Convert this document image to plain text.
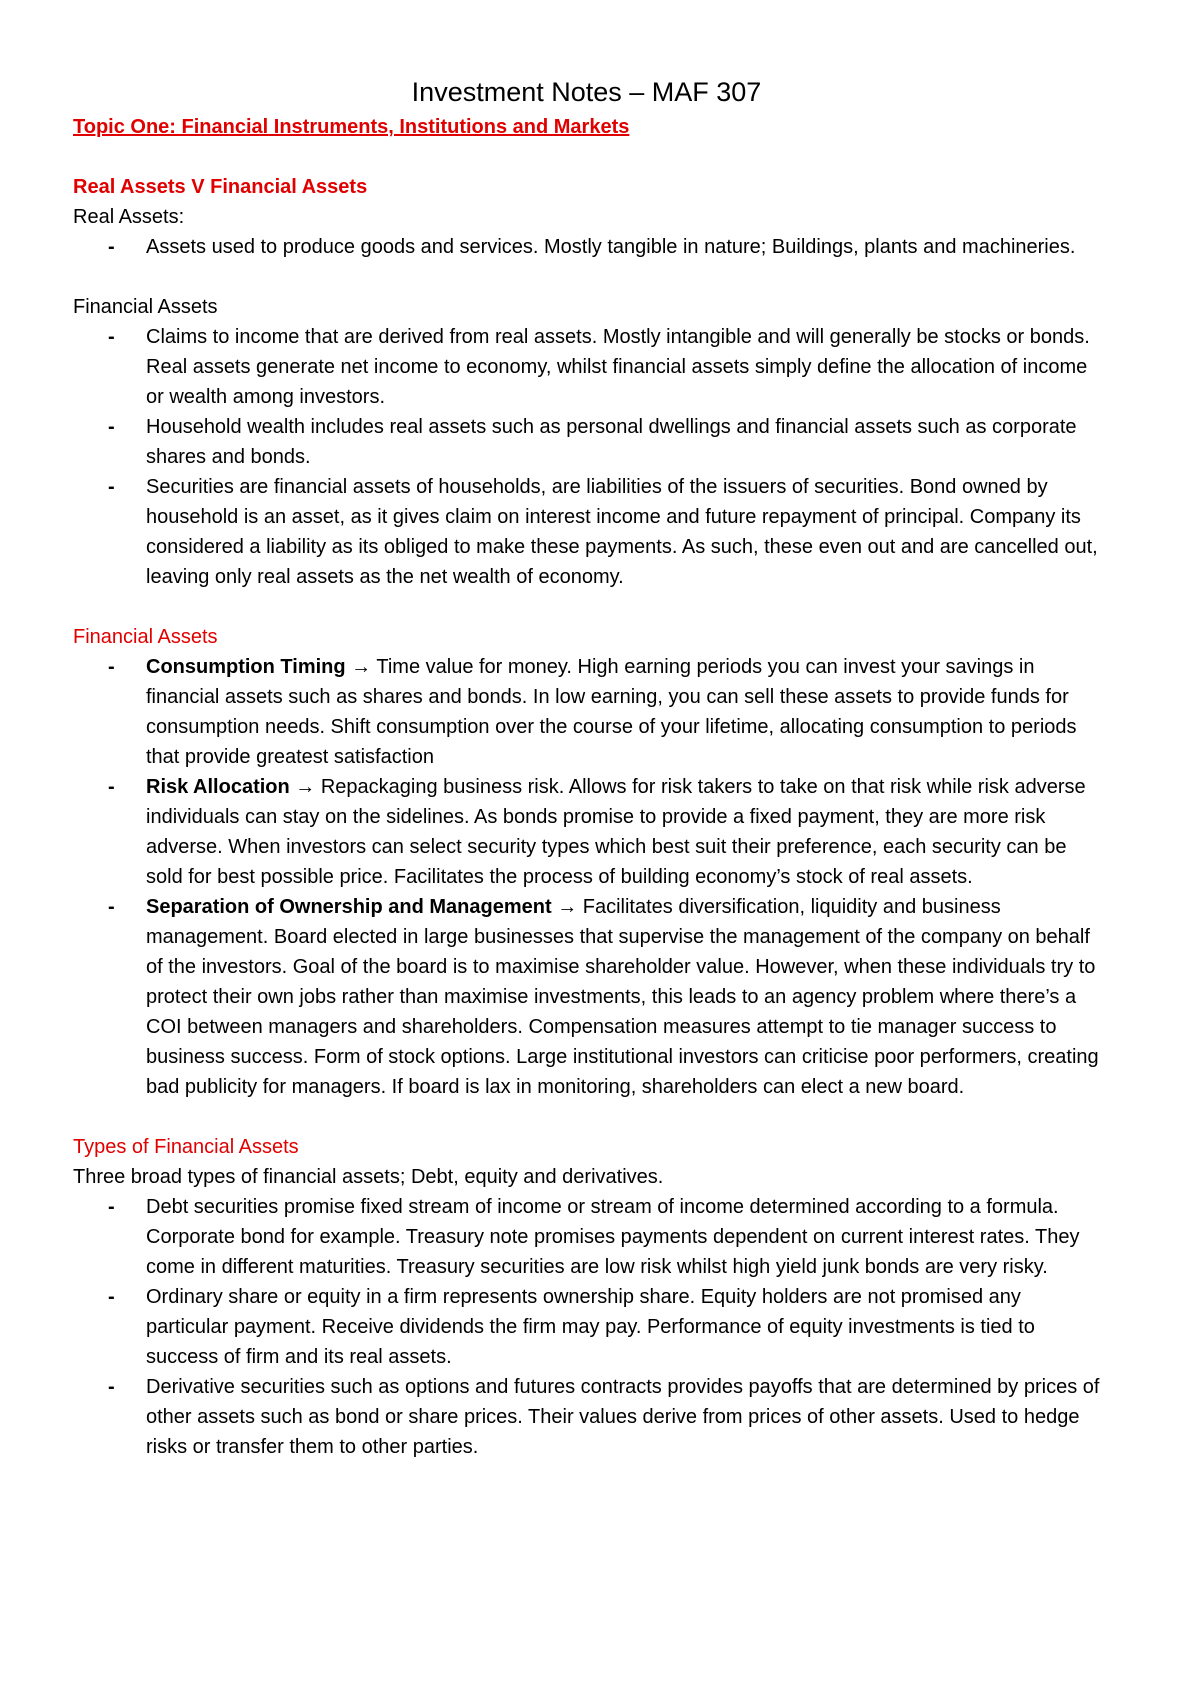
Investment Notes – MAF 307

Topic One: Financial Instruments, Institutions and Markets

Real Assets V Financial Assets

Real Assets:

- Assets used to produce goods and services. Mostly tangible in nature; Buildings, plants and machineries.

Financial Assets

- Claims to income that are derived from real assets. Mostly intangible and will generally be stocks or bonds. Real assets generate net income to economy, whilst financial assets simply define the allocation of income or wealth among investors.
- Household wealth includes real assets such as personal dwellings and financial assets such as corporate shares and bonds.
- Securities are financial assets of households, are liabilities of the issuers of securities. Bond owned by household is an asset, as it gives claim on interest income and future repayment of principal. Company its considered a liability as its obliged to make these payments. As such, these even out and are cancelled out, leaving only real assets as the net wealth of economy.

Financial Assets

- Consumption Timing → Time value for money. High earning periods you can invest your savings in financial assets such as shares and bonds. In low earning, you can sell these assets to provide funds for consumption needs. Shift consumption over the course of your lifetime, allocating consumption to periods that provide greatest satisfaction
- Risk Allocation → Repackaging business risk. Allows for risk takers to take on that risk while risk adverse individuals can stay on the sidelines. As bonds promise to provide a fixed payment, they are more risk adverse. When investors can select security types which best suit their preference, each security can be sold for best possible price. Facilitates the process of building economy’s stock of real assets.
- Separation of Ownership and Management → Facilitates diversification, liquidity and business management. Board elected in large businesses that supervise the management of the company on behalf of the investors. Goal of the board is to maximise shareholder value. However, when these individuals try to protect their own jobs rather than maximise investments, this leads to an agency problem where there’s a COI between managers and shareholders. Compensation measures attempt to tie manager success to business success. Form of stock options. Large institutional investors can criticise poor performers, creating bad publicity for managers. If board is lax in monitoring, shareholders can elect a new board.

Types of Financial Assets

Three broad types of financial assets; Debt, equity and derivatives.

- Debt securities promise fixed stream of income or stream of income determined according to a formula. Corporate bond for example. Treasury note promises payments dependent on current interest rates. They come in different maturities. Treasury securities are low risk whilst high yield junk bonds are very risky.
- Ordinary share or equity in a firm represents ownership share. Equity holders are not promised any particular payment. Receive dividends the firm may pay. Performance of equity investments is tied to success of firm and its real assets.
- Derivative securities such as options and futures contracts provides payoffs that are determined by prices of other assets such as bond or share prices. Their values derive from prices of other assets. Used to hedge risks or transfer them to other parties.
